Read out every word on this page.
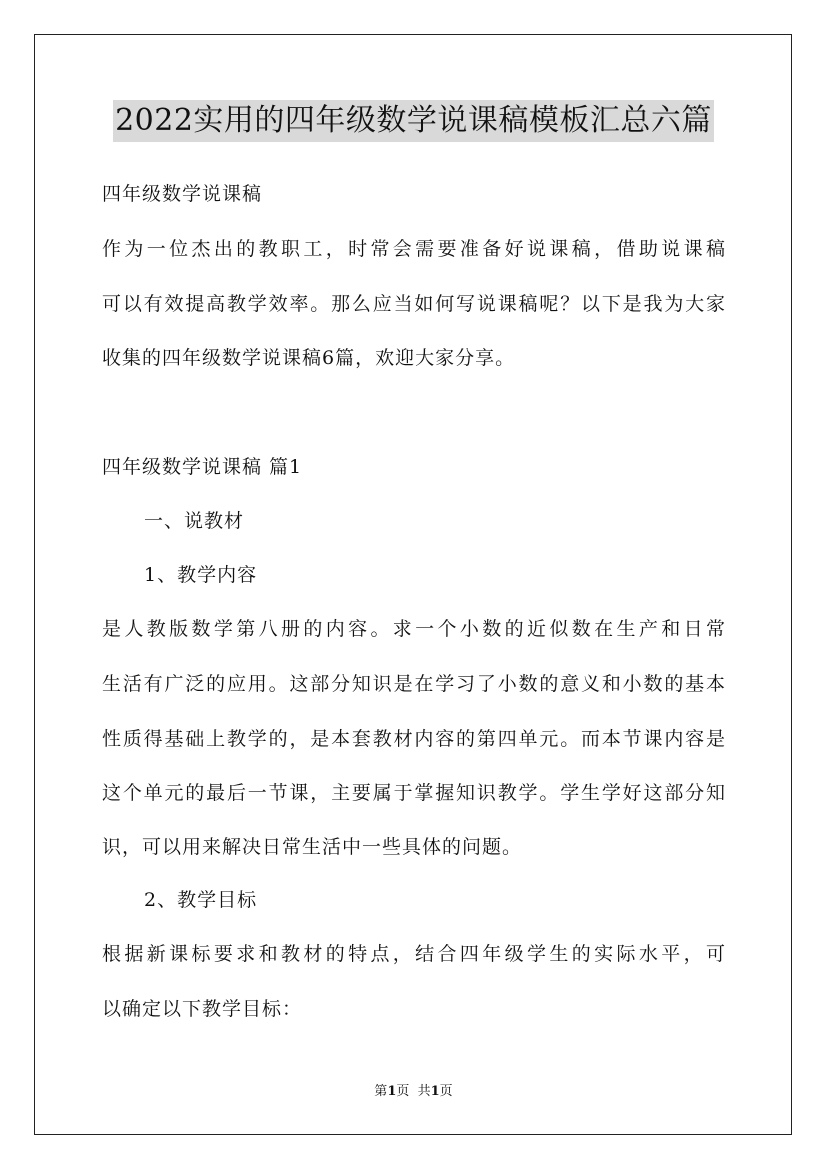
2022实用的四年级数学说课稿模板汇总六篇
四年级数学说课稿
作为一位杰出的教职工，时常会需要准备好说课稿，借助说课稿
可以有效提高教学效率。那么应当如何写说课稿呢？以下是我为大家
收集的四年级数学说课稿6篇，欢迎大家分享。
四年级数学说课稿 篇1
一、说教材
1、教学内容
是人教版数学第八册的内容。求一个小数的近似数在生产和日常
生活有广泛的应用。这部分知识是在学习了小数的意义和小数的基本
性质得基础上教学的，是本套教材内容的第四单元。而本节课内容是
这个单元的最后一节课，主要属于掌握知识教学。学生学好这部分知
识，可以用来解决日常生活中一些具体的问题。
2、教学目标
根据新课标要求和教材的特点，结合四年级学生的实际水平，可
以确定以下教学目标：
第1页  共1页
